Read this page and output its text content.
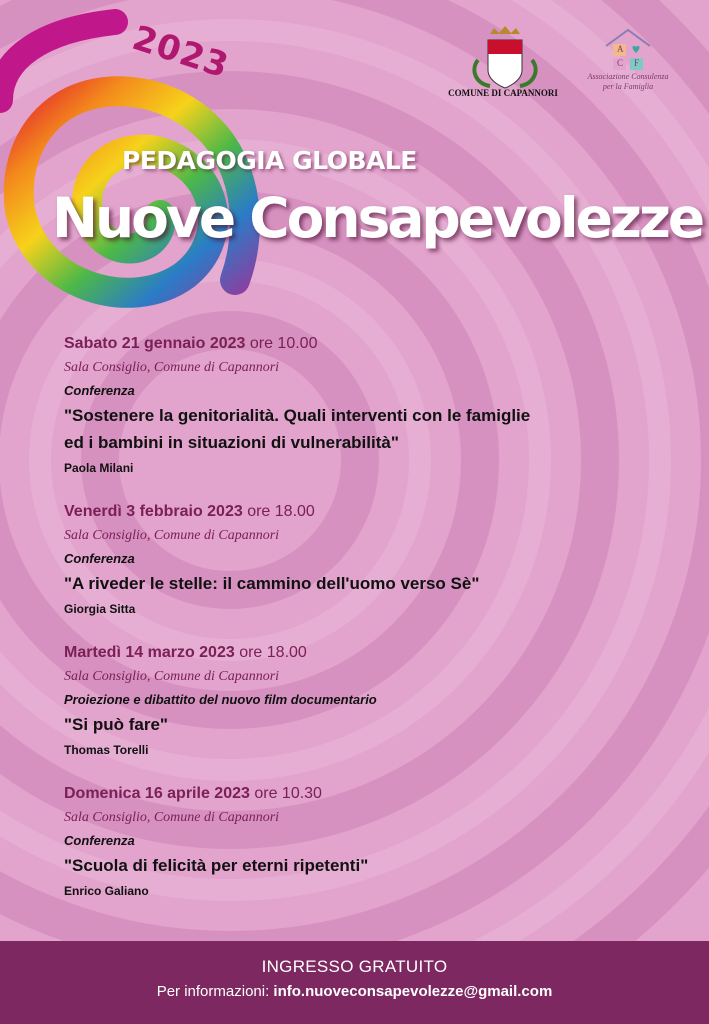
2023
COMUNE DI CAPANNORI
A
C F
Associazione Consulenza
per la Famiglia
PEDAGOGIA GLOBALE
Nuove Consapevolezze
Sabato 21 gennaio 2023 ore 10.00
Sala Consiglio, Comune di Capannori
Conferenza
"Sostenere la genitorialità. Quali interventi con le famiglie ed i bambini in situazioni di vulnerabilità"
Paola Milani
Venerdì 3 febbraio 2023 ore 18.00
Sala Consiglio, Comune di Capannori
Conferenza
"A riveder le stelle: il cammino dell'uomo verso Sè"
Giorgia Sitta
Martedì 14 marzo 2023 ore 18.00
Sala Consiglio, Comune di Capannori
Proiezione e dibattito del nuovo film documentario
"Si può fare"
Thomas Torelli
Domenica 16 aprile 2023 ore 10.30
Sala Consiglio, Comune di Capannori
Conferenza
"Scuola di felicità per eterni ripetenti"
Enrico Galiano
INGRESSO GRATUITO
Per informazioni: info.nuoveconsapevolezze@gmail.com
